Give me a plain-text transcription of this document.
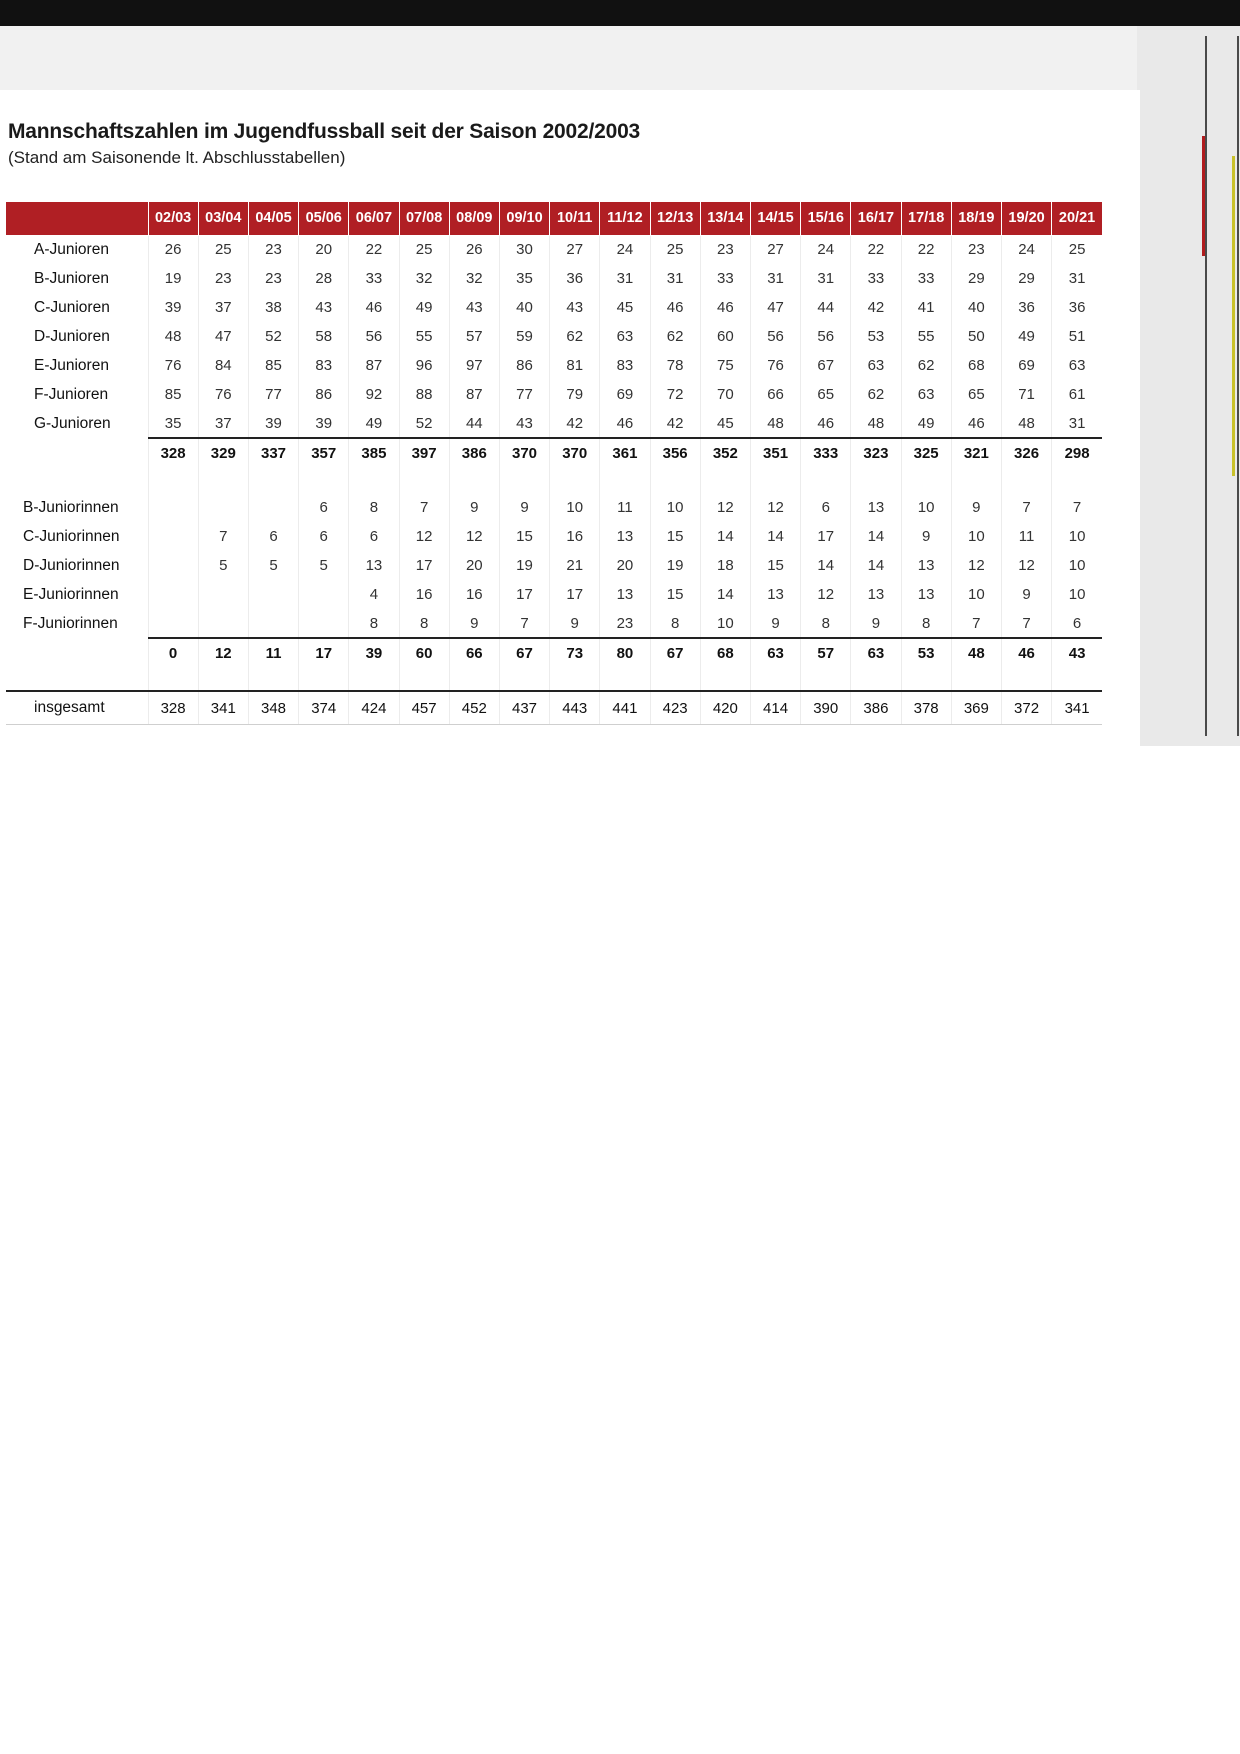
Mannschaftszahlen im Jugendfussball seit der Saison 2002/2003
(Stand am Saisonende lt. Abschlusstabellen)
	02/03	03/04	04/05	05/06	06/07	07/08	08/09	09/10	10/11	11/12	12/13	13/14	14/15	15/16	16/17	17/18	18/19	19/20	20/21
A-Junioren	26	25	23	20	22	25	26	30	27	24	25	23	27	24	22	22	23	24	25
B-Junioren	19	23	23	28	33	32	32	35	36	31	31	33	31	31	33	33	29	29	31
C-Junioren	39	37	38	43	46	49	43	40	43	45	46	46	47	44	42	41	40	36	36
D-Junioren	48	47	52	58	56	55	57	59	62	63	62	60	56	56	53	55	50	49	51
E-Junioren	76	84	85	83	87	96	97	86	81	83	78	75	76	67	63	62	68	69	63
F-Junioren	85	76	77	86	92	88	87	77	79	69	72	70	66	65	62	63	65	71	61
G-Junioren	35	37	39	39	49	52	44	43	42	46	42	45	48	46	48	49	46	48	31
	328	329	337	357	385	397	386	370	370	361	356	352	351	333	323	325	321	326	298

B-Juniorinnen				6	8	7	9	9	10	11	10	12	12	6	13	10	9	7	7
C-Juniorinnen		7	6	6	6	12	12	15	16	13	15	14	14	17	14	9	10	11	10
D-Juniorinnen		5	5	5	13	17	20	19	21	20	19	18	15	14	14	13	12	12	10
E-Juniorinnen					4	16	16	17	17	13	15	14	13	12	13	13	10	9	10
F-Juniorinnen					8	8	9	7	9	23	8	10	9	8	9	8	7	7	6
	0	12	11	17	39	60	66	67	73	80	67	68	63	57	63	53	48	46	43

insgesamt	328	341	348	374	424	457	452	437	443	441	423	420	414	390	386	378	369	372	341
